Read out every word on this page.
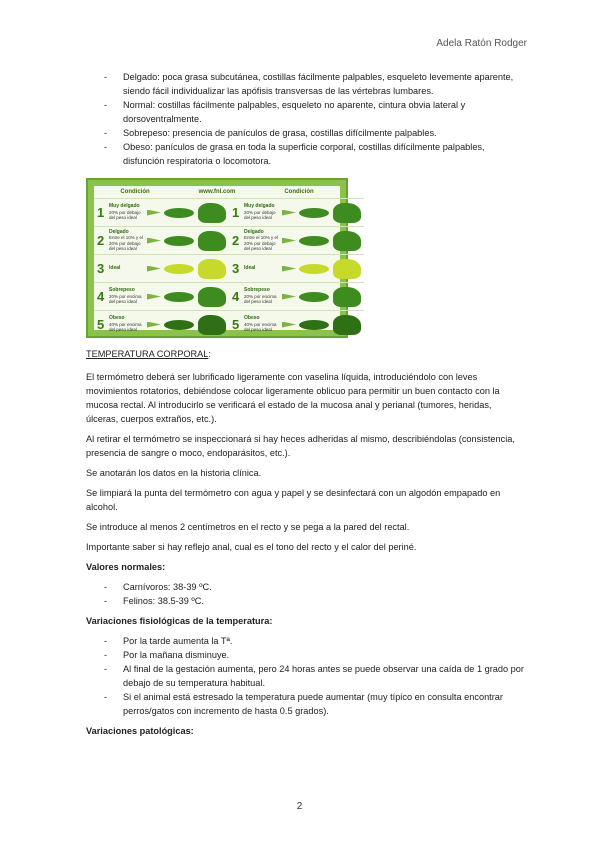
Adela Ratón Rodger
- Delgado: poca grasa subcutánea, costillas fácilmente palpables, esqueleto levemente aparente, siendo fácil individualizar las apófisis transversas de las vértebras lumbares.
- Normal: costillas fácilmente palpables, esqueleto no aparente, cintura obvia lateral y dorsoventralmente.
- Sobrepeso: presencia de panículos de grasa, costillas difícilmente palpables.
- Obeso: panículos de grasa en toda la superficie corporal, costillas difícilmente palpables, disfunción respiratoria o locomotora.
Condición	www.fnl.com	Condición
1 Muy delgado
20% por debajo del peso ideal
2
Delgado
Entre el 10% y el 20% por debajo del peso ideal
3 Ideal
4 Sobrepeso
20% por encima del peso ideal
5 Obeso
40% por encima del peso ideal
1 Muy delgado
20% por debajo del peso ideal
2
Delgado
Entre el 10% y el 20% por debajo del peso ideal
3 Ideal
4 Sobrepeso
20% por encima del peso ideal
5 Obeso
40% por encima del peso ideal

TEMPERATURA CORPORAL:

El termómetro deberá ser lubrificado ligeramente con vaselina líquida, introduciéndolo con leves movimientos rotatorios, debiéndose colocar ligeramente oblicuo para permitir un buen contacto con la mucosa rectal. Al introducirlo se verificará el estado de la mucosa anal y perianal (tumores, heridas, úlceras, cuerpos extraños, etc.).

Al retirar el termómetro se inspeccionará si hay heces adheridas al mismo, describiéndolas (consistencia, presencia de sangre o moco, endoparásitos, etc.).

Se anotarán los datos en la historia clínica.

Se limpiará la punta del termómetro con agua y papel y se desinfectará con un algodón empapado en alcohol.

Se introduce al menos 2 centímetros en el recto y se pega a la pared del rectal.

Importante saber si hay reflejo anal, cual es el tono del recto y el calor del periné.

Valores normales:

- Carnívoros: 38-39 ºC.
- Felinos: 38.5-39 ºC.

Variaciones fisiológicas de la temperatura:

- Por la tarde aumenta la Tª.
- Por la mañana disminuye.
- Al final de la gestación aumenta, pero 24 horas antes se puede observar una caída de 1 grado por debajo de su temperatura habitual.
- Si el animal está estresado la temperatura puede aumentar (muy típico en consulta encontrar perros/gatos con incremento de hasta 0.5 grados).

Variaciones patológicas:

2
